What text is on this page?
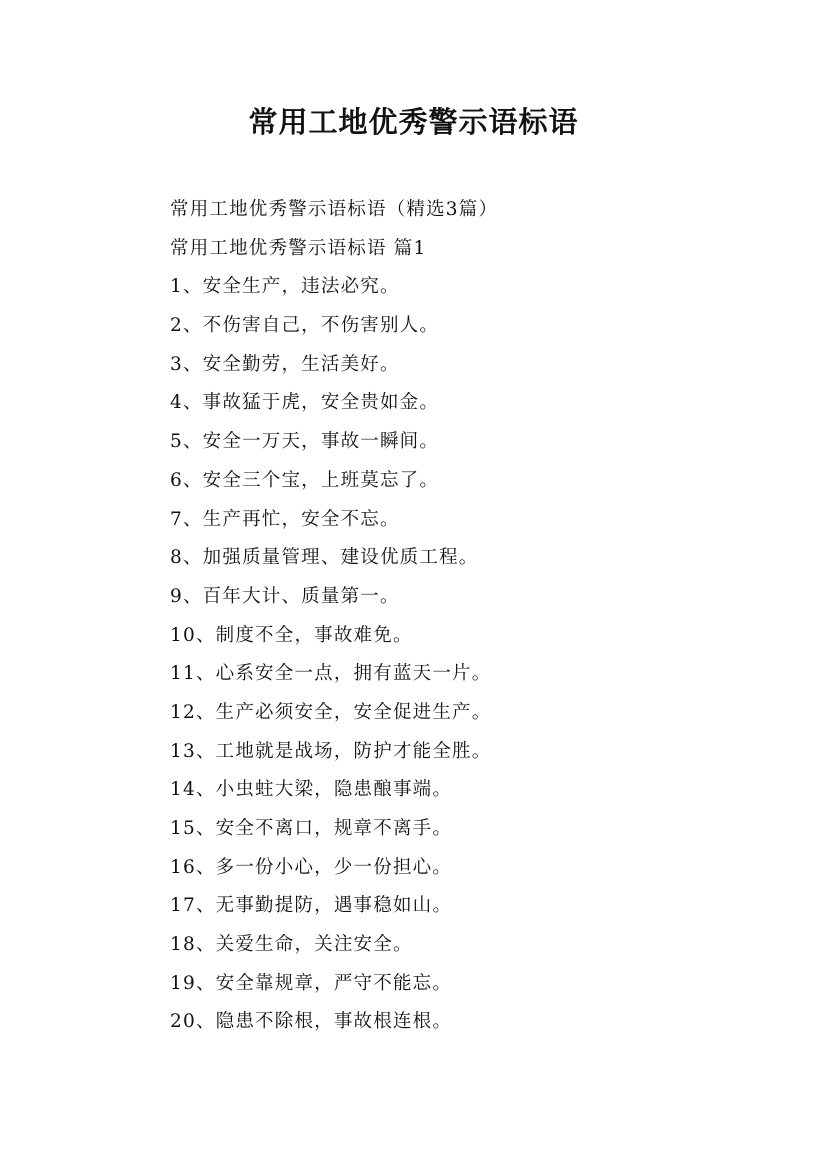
常用工地优秀警示语标语
常用工地优秀警示语标语（精选3篇）
常用工地优秀警示语标语 篇1
1、安全生产，违法必究。
2、不伤害自己，不伤害别人。
3、安全勤劳，生活美好。
4、事故猛于虎，安全贵如金。
5、安全一万天，事故一瞬间。
6、安全三个宝，上班莫忘了。
7、生产再忙，安全不忘。
8、加强质量管理、建设优质工程。
9、百年大计、质量第一。
10、制度不全，事故难免。
11、心系安全一点，拥有蓝天一片。
12、生产必须安全，安全促进生产。
13、工地就是战场，防护才能全胜。
14、小虫蛀大梁，隐患酿事端。
15、安全不离口，规章不离手。
16、多一份小心，少一份担心。
17、无事勤提防，遇事稳如山。
18、关爱生命，关注安全。
19、安全靠规章，严守不能忘。
20、隐患不除根，事故根连根。
